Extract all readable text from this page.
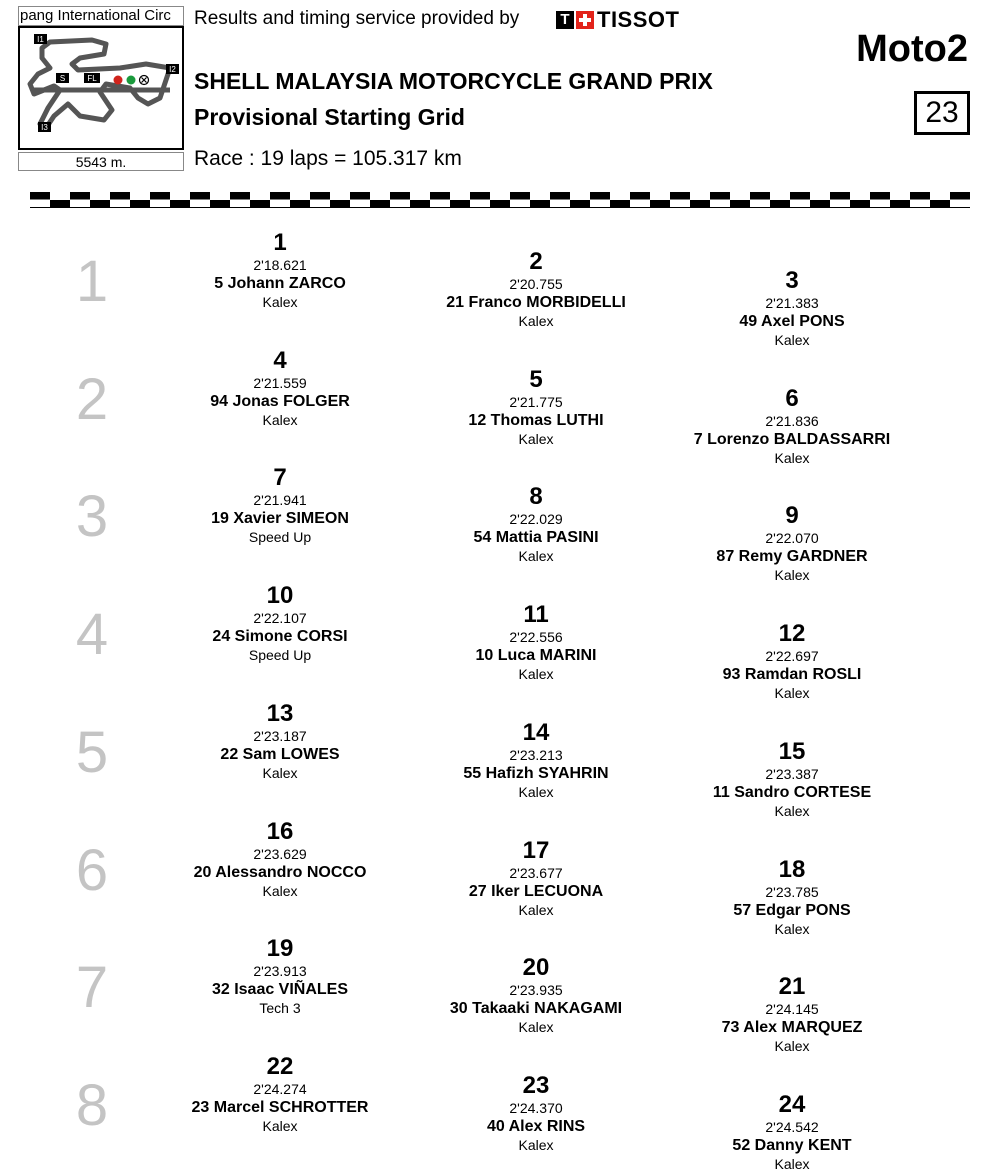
pang International Circ
I1
S	FL
I2
I3
5543 m.
Results and timing service provided by	T TISSOT
SHELL MALAYSIA MOTORCYCLE GRAND PRIX
Provisional Starting Grid
Race : 19 laps = 105.317 km
Moto2
23
1
1
2'18.621
5 Johann ZARCO
Kalex
2
2'20.755
21 Franco MORBIDELLI
Kalex
3
2'21.383
49 Axel PONS
Kalex
2
4
2'21.559
94 Jonas FOLGER
Kalex
5
2'21.775
12 Thomas LUTHI
Kalex
6
2'21.836
7 Lorenzo BALDASSARRI
Kalex
3
7
2'21.941
19 Xavier SIMEON
Speed Up
8
2'22.029
54 Mattia PASINI
Kalex
9
2'22.070
87 Remy GARDNER
Kalex
4
10
2'22.107
24 Simone CORSI
Speed Up
11
2'22.556
10 Luca MARINI
Kalex
12
2'22.697
93 Ramdan ROSLI
Kalex
5
13
2'23.187
22 Sam LOWES
Kalex
14
2'23.213
55 Hafizh SYAHRIN
Kalex
15
2'23.387
11 Sandro CORTESE
Kalex
6
16
2'23.629
20 Alessandro NOCCO
Kalex
17
2'23.677
27 Iker LECUONA
Kalex
18
2'23.785
57 Edgar PONS
Kalex
7
19
2'23.913
32 Isaac VIÑALES
Tech 3
20
2'23.935
30 Takaaki NAKAGAMI
Kalex
21
2'24.145
73 Alex MARQUEZ
Kalex
8
22
2'24.274
23 Marcel SCHROTTER
Kalex
23
2'24.370
40 Alex RINS
Kalex
24
2'24.542
52 Danny KENT
Kalex
